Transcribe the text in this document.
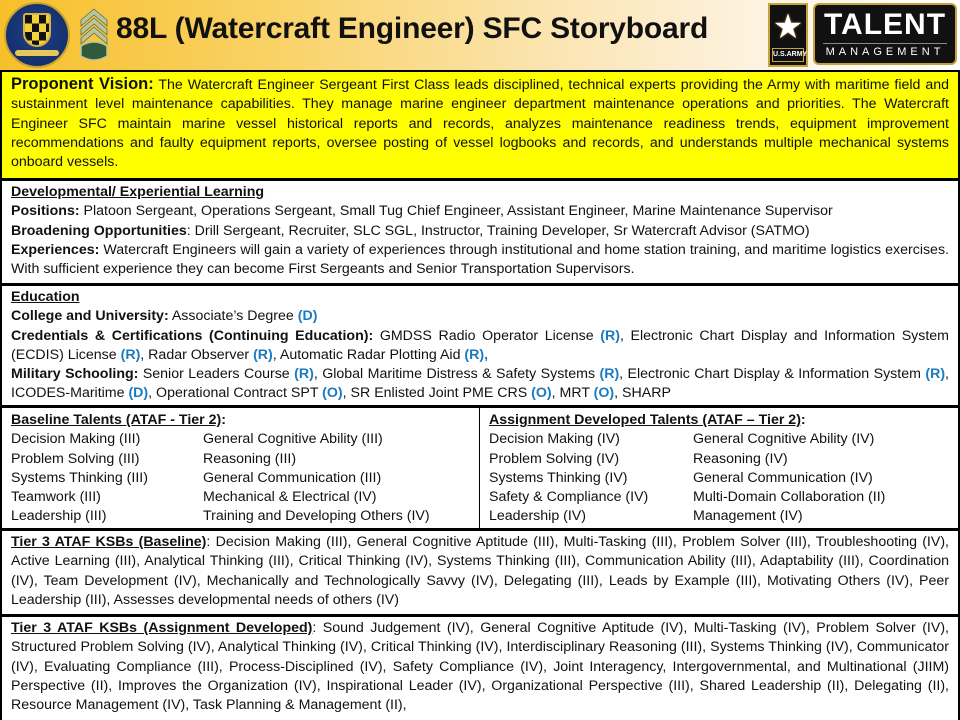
88L (Watercraft Engineer) SFC Storyboard ★
U.S.ARMY
TALENT
MANAGEMENT
Proponent Vision: The Watercraft Engineer Sergeant First Class leads disciplined, technical experts providing the Army with maritime field and sustainment level maintenance capabilities. They manage marine engineer department maintenance operations and priorities. The Watercraft Engineer SFC maintain marine vessel historical reports and records, analyzes maintenance readiness trends, equipment improvement recommendations and faulty equipment reports, oversee posting of vessel logbooks and records, and understands multiple mechanical systems onboard vessels.
Developmental/ Experiential Learning
Positions: Platoon Sergeant, Operations Sergeant, Small Tug Chief Engineer, Assistant Engineer, Marine Maintenance Supervisor
Broadening Opportunities: Drill Sergeant, Recruiter, SLC SGL, Instructor, Training Developer, Sr Watercraft Advisor (SATMO)
Experiences: Watercraft Engineers will gain a variety of experiences through institutional and home station training, and maritime logistics exercises. With sufficient experience they can become First Sergeants and Senior Transportation Supervisors.
Education
College and University: Associate’s Degree (D)
Credentials & Certifications (Continuing Education): GMDSS Radio Operator License (R), Electronic Chart Display and Information System (ECDIS) License (R), Radar Observer (R), Automatic Radar Plotting Aid (R),
Military Schooling: Senior Leaders Course (R), Global Maritime Distress & Safety Systems (R), Electronic Chart Display & Information System (R), ICODES-Maritime (D), Operational Contract SPT (O), SR Enlisted Joint PME CRS (O), MRT (O), SHARP
Baseline Talents (ATAF - Tier 2):
Decision Making (III)	General Cognitive Ability (III)
Problem Solving (III)	Reasoning (III)
Systems Thinking (III)	General Communication (III)
Teamwork (III)	Mechanical & Electrical (IV)
Leadership (III)	Training and Developing Others (IV)
Assignment Developed Talents (ATAF – Tier 2):
Decision Making (IV)	General Cognitive Ability (IV)
Problem Solving (IV)	Reasoning (IV)
Systems Thinking (IV)	General Communication (IV)
Safety & Compliance (IV)	Multi-Domain Collaboration (II)
Leadership (IV)	Management (IV)
Tier 3 ATAF KSBs (Baseline): Decision Making (III), General Cognitive Aptitude (III), Multi-Tasking (III), Problem Solver (III), Troubleshooting (IV), Active Learning (III), Analytical Thinking (III), Critical Thinking (IV), Systems Thinking (III), Communication Ability (III), Adaptability (III), Coordination (IV), Team Development (IV), Mechanically and Technologically Savvy (IV), Delegating (III), Leads by Example (III), Motivating Others (IV), Peer Leadership (III), Assesses developmental needs of others (IV)
Tier 3 ATAF KSBs (Assignment Developed): Sound Judgement (IV), General Cognitive Aptitude (IV), Multi-Tasking (IV), Problem Solver (IV), Structured Problem Solving (IV), Analytical Thinking (IV), Critical Thinking (IV), Interdisciplinary Reasoning (III), Systems Thinking (IV), Communicator (IV), Evaluating Compliance (III), Process-Disciplined (IV), Safety Compliance (IV), Joint Interagency, Intergovernmental, and Multinational (JIIM) Perspective (II), Improves the Organization (IV), Inspirational Leader (IV), Organizational Perspective (III), Shared Leadership (II), Delegating (II), Resource Management (IV), Task Planning & Management (II),
